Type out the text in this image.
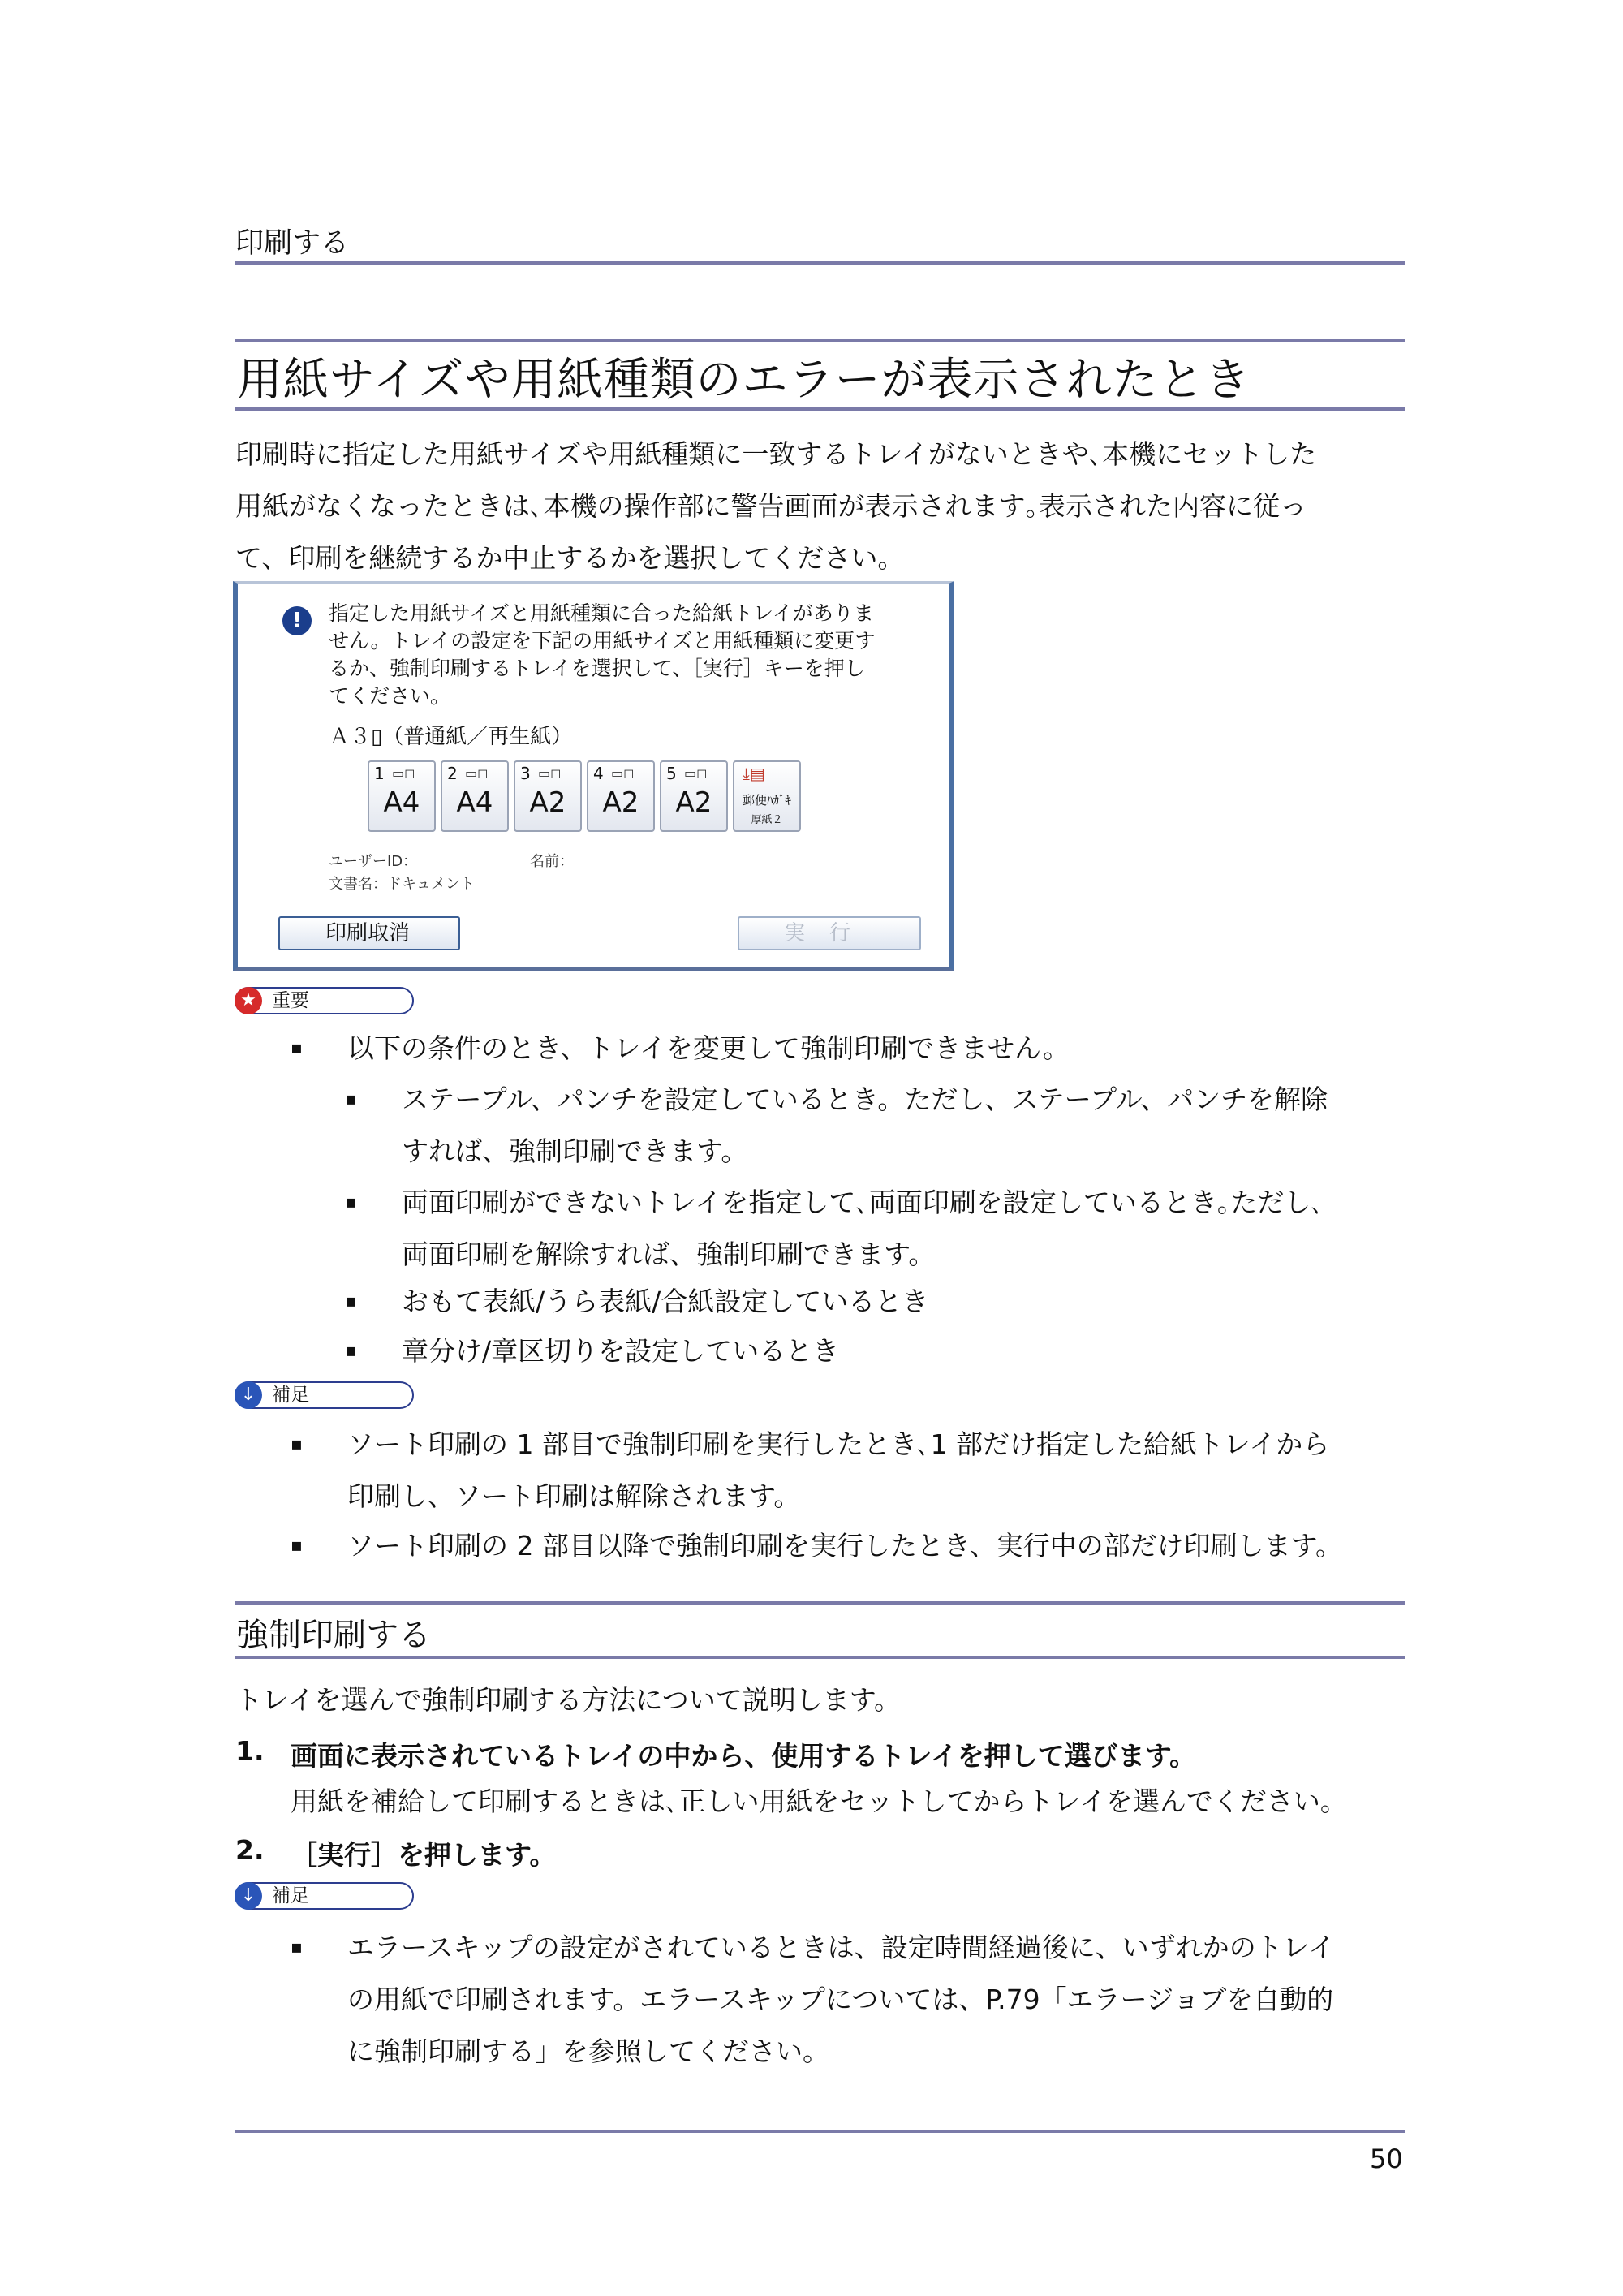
印刷する
用紙サイズや用紙種類のエラーが表示されたとき
印刷時に指定した用紙サイズや用紙種類に一致するトレイがないときや､本機にセットした
用紙がなくなったときは､本機の操作部に警告画面が表示されます｡表示された内容に従っ
て、印刷を継続するか中止するかを選択してください。
!	指定した用紙サイズと用紙種類に合った給紙トレイがありま
せん。トレイの設定を下記の用紙サイズと用紙種類に変更す
るか、強制印刷するトレイを選択して、［実行］キーを押し
てください。
Ａ３▯（普通紙／再生紙）
1 ▭◻
A4
2 ▭◻
A4
3 ▭◻
A2
4 ▭◻
A2
5 ▭◻
A2
⤓▤
郵便ﾊｶﾞｷ
厚紙２
ユーザーID：	名前：
文書名：ドキュメント
印刷取消	実行
★ 重要
▪ 以下の条件のとき、トレイを変更して強制印刷できません。
▪ ステープル、パンチを設定しているとき。ただし、ステープル、パンチを解除
すれば、強制印刷できます。
▪ 両面印刷ができないトレイを指定して､両面印刷を設定しているとき｡ただし､
両面印刷を解除すれば、強制印刷できます。
▪ おもて表紙/うら表紙/合紙設定しているとき
▪ 章分け/章区切りを設定しているとき
↓ 補足
▪ ソート印刷の 1 部目で強制印刷を実行したとき､1 部だけ指定した給紙トレイから
印刷し、ソート印刷は解除されます。
▪ ソート印刷の 2 部目以降で強制印刷を実行したとき、実行中の部だけ印刷します。
強制印刷する
トレイを選んで強制印刷する方法について説明します。
1. 画面に表示されているトレイの中から、使用するトレイを押して選びます。
用紙を補給して印刷するときは､正しい用紙をセットしてからトレイを選んでください｡
2. ［実行］を押します。
↓ 補足
▪ エラースキップの設定がされているときは、設定時間経過後に、いずれかのトレイ
の用紙で印刷されます。エラースキップについては、P.79「エラージョブを自動的
に強制印刷する」を参照してください。
50
